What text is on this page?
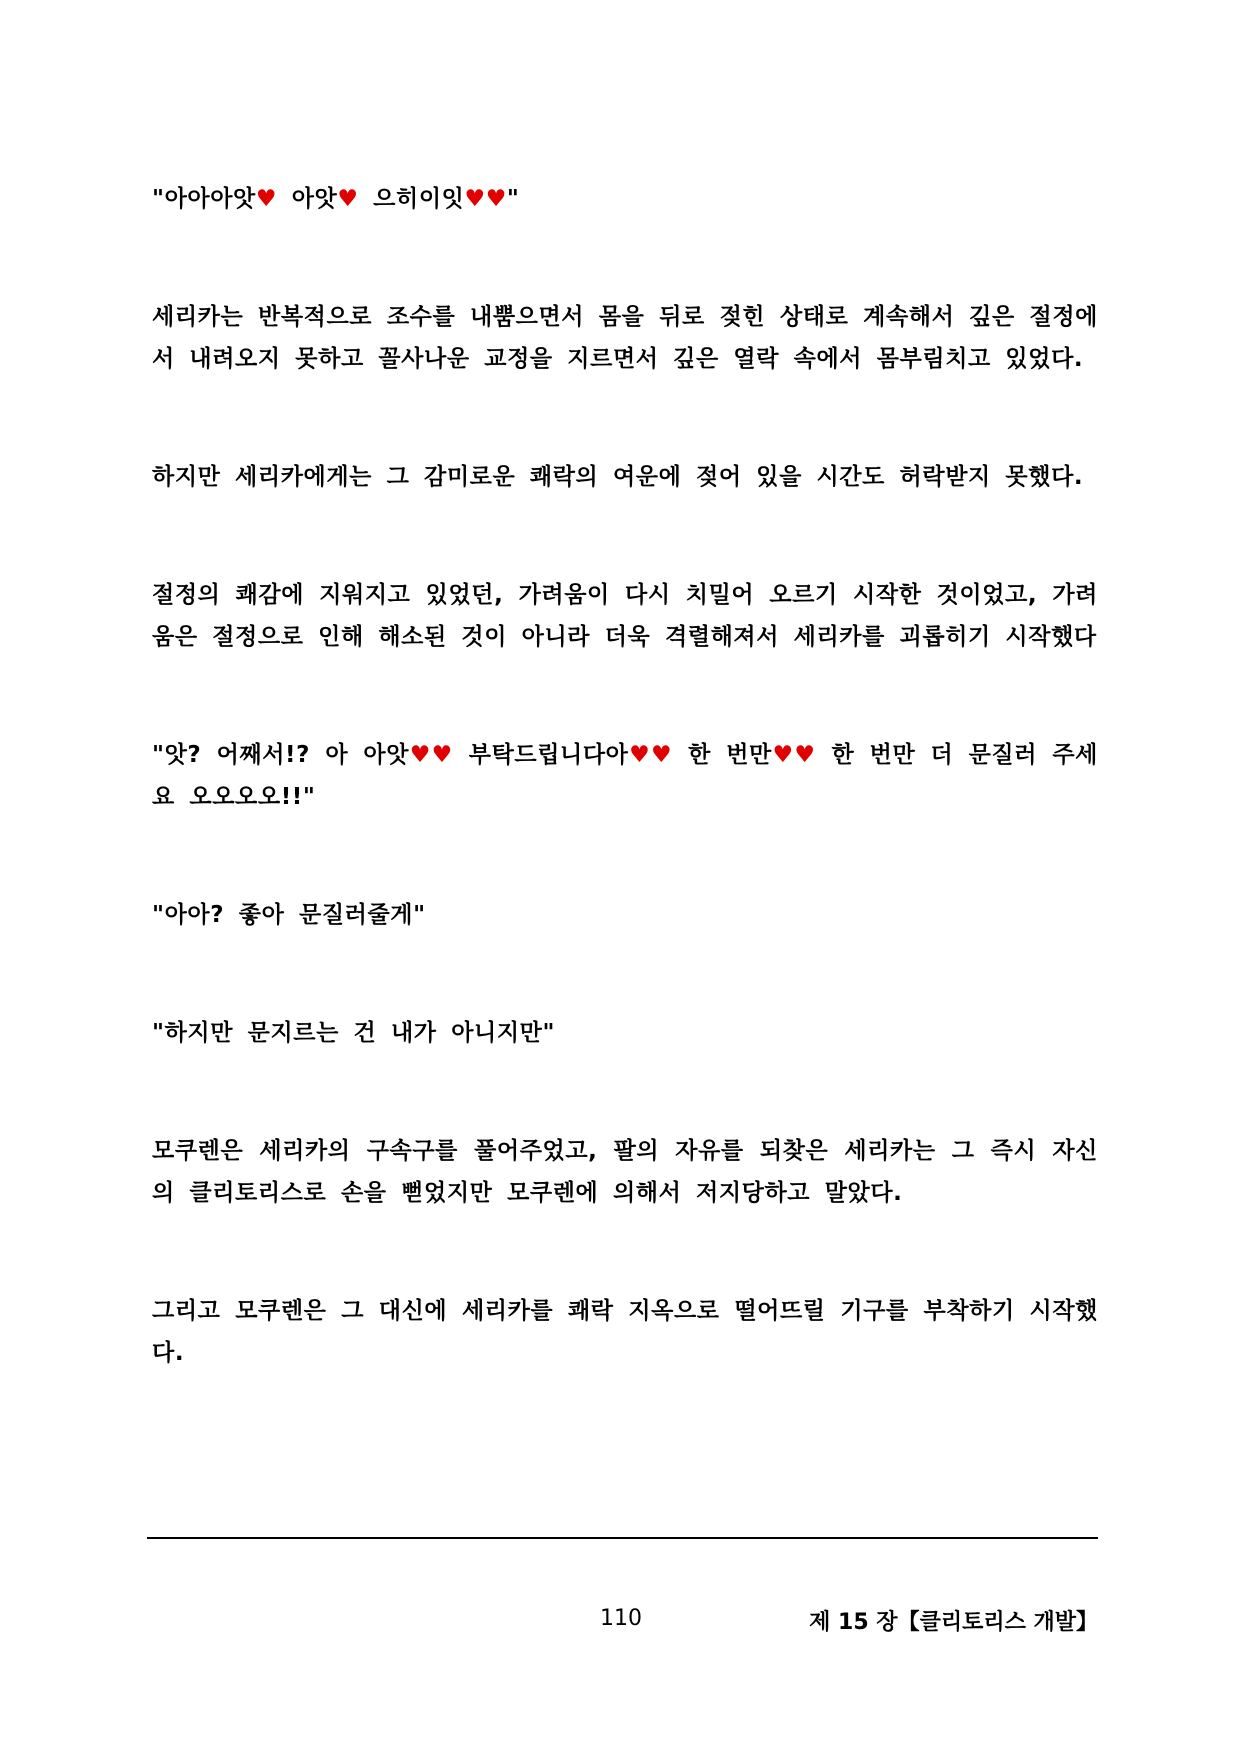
"아아아앗♥ 아앗♥ 으히이잇♥♥"

세리카는 반복적으로 조수를 내뿜으면서 몸을 뒤로 젖힌 상태로 계속해서 깊은 절정에서 내려오지 못하고 꼴사나운 교정을 지르면서 깊은 열락 속에서 몸부림치고 있었다.

하지만 세리카에게는 그 감미로운 쾌락의 여운에 젖어 있을 시간도 허락받지 못했다.

절정의 쾌감에 지워지고 있었던, 가려움이 다시 치밀어 오르기 시작한 것이었고, 가려움은 절정으로 인해 해소된 것이 아니라 더욱 격렬해져서 세리카를 괴롭히기 시작했다

"앗? 어째서!? 아 아앗♥♥ 부탁드립니다아♥♥ 한 번만♥♥ 한 번만 더 문질러 주세요 오오오오!!"

"아아? 좋아 문질러줄게"

"하지만 문지르는 건 내가 아니지만"

모쿠렌은 세리카의 구속구를 풀어주었고, 팔의 자유를 되찾은 세리카는 그 즉시 자신의 클리토리스로 손을 뻗었지만 모쿠렌에 의해서 저지당하고 말았다.

그리고 모쿠렌은 그 대신에 세리카를 쾌락 지옥으로 떨어뜨릴 기구를 부착하기 시작했다.

110	제 15 장【클리토리스 개발】
